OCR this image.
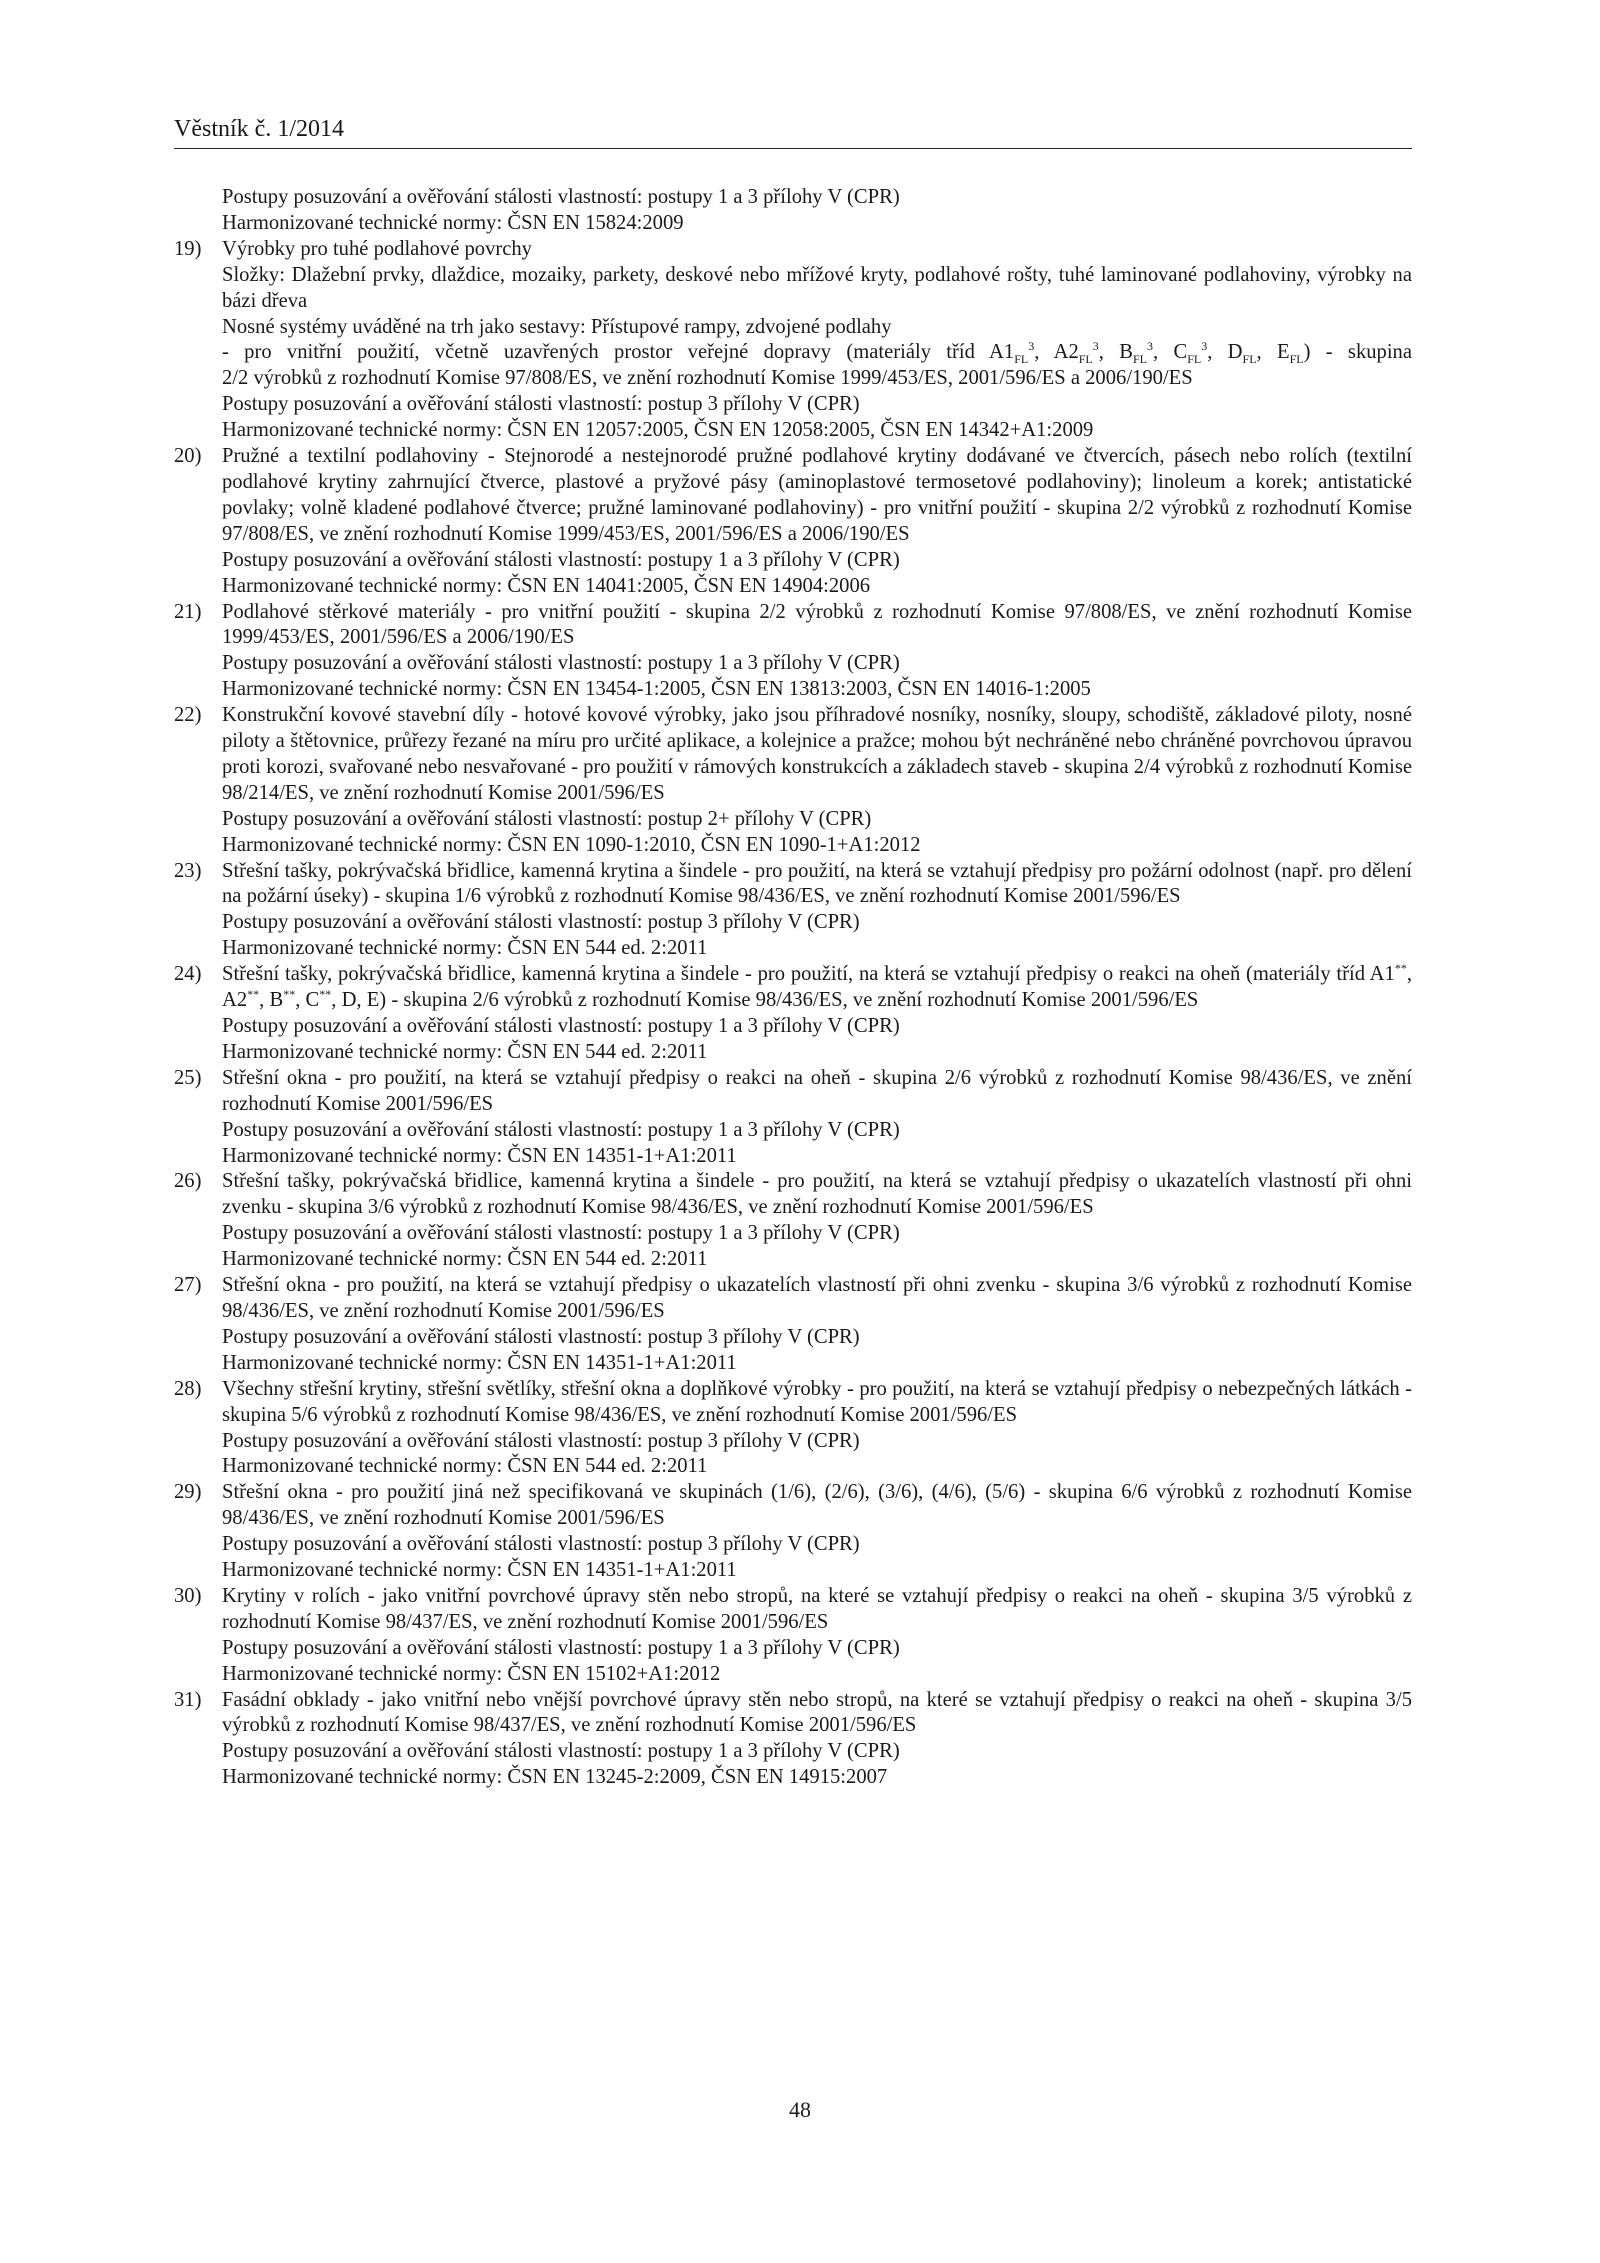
Věstník č. 1/2014
Postupy posuzování a ověřování stálosti vlastností: postupy 1 a 3 přílohy V (CPR)
Harmonizované technické normy: ČSN EN 15824:2009
19) Výrobky pro tuhé podlahové povrchy
Složky: Dlažební prvky, dlaždice, mozaiky, parkety, deskové nebo mřížové kryty, podlahové rošty, tuhé laminované podlahoviny, výrobky na bázi dřeva
Nosné systémy uváděné na trh jako sestavy: Přístupové rampy, zdvojené podlahy
- pro vnitřní použití, včetně uzavřených prostor veřejné dopravy (materiály tříd $A1_{FL}^3$, $A2_{FL}^3$, $B_{FL}^3$, $C_{FL}^3$, $D_{FL}$, $E_{FL}$) - skupina
2/2 výrobků z rozhodnutí Komise 97/808/ES, ve znění rozhodnutí Komise 1999/453/ES, 2001/596/ES a 2006/190/ES
Postupy posuzování a ověřování stálosti vlastností: postup 3 přílohy V (CPR)
Harmonizované technické normy: ČSN EN 12057:2005, ČSN EN 12058:2005, ČSN EN 14342+A1:2009
20) Pružné a textilní podlahoviny - Stejnorodé a nestejnorodé pružné podlahové krytiny dodávané ve čtvercích, pásech nebo rolích (textilní podlahové krytiny zahrnující čtverce, plastové a pryžové pásy (aminoplastové termosetové podlahoviny); linoleum a korek; antistatické povlaky; volně kladené podlahové čtverce; pružné laminované podlahoviny) - pro vnitřní použití - skupina 2/2 výrobků z rozhodnutí Komise 97/808/ES, ve znění rozhodnutí Komise 1999/453/ES, 2001/596/ES a 2006/190/ES
Postupy posuzování a ověřování stálosti vlastností: postupy 1 a 3 přílohy V (CPR)
Harmonizované technické normy: ČSN EN 14041:2005, ČSN EN 14904:2006
21) Podlahové stěrkové materiály - pro vnitřní použití - skupina 2/2 výrobků z rozhodnutí Komise 97/808/ES, ve znění rozhodnutí Komise 1999/453/ES, 2001/596/ES a 2006/190/ES
Postupy posuzování a ověřování stálosti vlastností: postupy 1 a 3 přílohy V (CPR)
Harmonizované technické normy: ČSN EN 13454-1:2005, ČSN EN 13813:2003, ČSN EN 14016-1:2005
22) Konstrukční kovové stavební díly - hotové kovové výrobky, jako jsou příhradové nosníky, nosníky, sloupy, schodiště, základové piloty, nosné piloty a štětovnice, průřezy řezané na míru pro určité aplikace, a kolejnice a pražce; mohou být nechráněné nebo chráněné povrchovou úpravou proti korozi, svařované nebo nesvařované - pro použití v rámových konstrukcích a základech staveb - skupina 2/4 výrobků z rozhodnutí Komise 98/214/ES, ve znění rozhodnutí Komise 2001/596/ES
Postupy posuzování a ověřování stálosti vlastností: postup 2+ přílohy V (CPR)
Harmonizované technické normy: ČSN EN 1090-1:2010, ČSN EN 1090-1+A1:2012
23) Střešní tašky, pokrývačská břidlice, kamenná krytina a šindele - pro použití, na která se vztahují předpisy pro požární odolnost (např. pro dělení na požární úseky) - skupina 1/6 výrobků z rozhodnutí Komise 98/436/ES, ve znění rozhodnutí Komise 2001/596/ES
Postupy posuzování a ověřování stálosti vlastností: postup 3 přílohy V (CPR)
Harmonizované technické normy: ČSN EN 544 ed. 2:2011
24) Střešní tašky, pokrývačská břidlice, kamenná krytina a šindele - pro použití, na která se vztahují předpisy o reakci na oheň (materiály tříd A1**, A2**, B**, C**, D, E) - skupina 2/6 výrobků z rozhodnutí Komise 98/436/ES, ve znění rozhodnutí Komise 2001/596/ES
Postupy posuzování a ověřování stálosti vlastností: postupy 1 a 3 přílohy V (CPR)
Harmonizované technické normy: ČSN EN 544 ed. 2:2011
25) Střešní okna - pro použití, na která se vztahují předpisy o reakci na oheň - skupina 2/6 výrobků z rozhodnutí Komise 98/436/ES, ve znění rozhodnutí Komise 2001/596/ES
Postupy posuzování a ověřování stálosti vlastností: postupy 1 a 3 přílohy V (CPR)
Harmonizované technické normy: ČSN EN 14351-1+A1:2011
26) Střešní tašky, pokrývačská břidlice, kamenná krytina a šindele - pro použití, na která se vztahují předpisy o ukazatelích vlastností při ohni zvenku - skupina 3/6 výrobků z rozhodnutí Komise 98/436/ES, ve znění rozhodnutí Komise 2001/596/ES
Postupy posuzování a ověřování stálosti vlastností: postupy 1 a 3 přílohy V (CPR)
Harmonizované technické normy: ČSN EN 544 ed. 2:2011
27) Střešní okna - pro použití, na která se vztahují předpisy o ukazatelích vlastností při ohni zvenku - skupina 3/6 výrobků z rozhodnutí Komise 98/436/ES, ve znění rozhodnutí Komise 2001/596/ES
Postupy posuzování a ověřování stálosti vlastností: postup 3 přílohy V (CPR)
Harmonizované technické normy: ČSN EN 14351-1+A1:2011
28) Všechny střešní krytiny, střešní světlíky, střešní okna a doplňkové výrobky - pro použití, na která se vztahují předpisy o nebezpečných látkách - skupina 5/6 výrobků z rozhodnutí Komise 98/436/ES, ve znění rozhodnutí Komise 2001/596/ES
Postupy posuzování a ověřování stálosti vlastností: postup 3 přílohy V (CPR)
Harmonizované technické normy: ČSN EN 544 ed. 2:2011
29) Střešní okna - pro použití jiná než specifikovaná ve skupinách (1/6), (2/6), (3/6), (4/6), (5/6) - skupina 6/6 výrobků z rozhodnutí Komise 98/436/ES, ve znění rozhodnutí Komise 2001/596/ES
Postupy posuzování a ověřování stálosti vlastností: postup 3 přílohy V (CPR)
Harmonizované technické normy: ČSN EN 14351-1+A1:2011
30) Krytiny v rolích - jako vnitřní povrchové úpravy stěn nebo stropů, na které se vztahují předpisy o reakci na oheň - skupina 3/5 výrobků z rozhodnutí Komise 98/437/ES, ve znění rozhodnutí Komise 2001/596/ES
Postupy posuzování a ověřování stálosti vlastností: postupy 1 a 3 přílohy V (CPR)
Harmonizované technické normy: ČSN EN 15102+A1:2012
31) Fasádní obklady - jako vnitřní nebo vnější povrchové úpravy stěn nebo stropů, na které se vztahují předpisy o reakci na oheň - skupina 3/5 výrobků z rozhodnutí Komise 98/437/ES, ve znění rozhodnutí Komise 2001/596/ES
Postupy posuzování a ověřování stálosti vlastností: postupy 1 a 3 přílohy V (CPR)
Harmonizované technické normy: ČSN EN 13245-2:2009, ČSN EN 14915:2007
48
